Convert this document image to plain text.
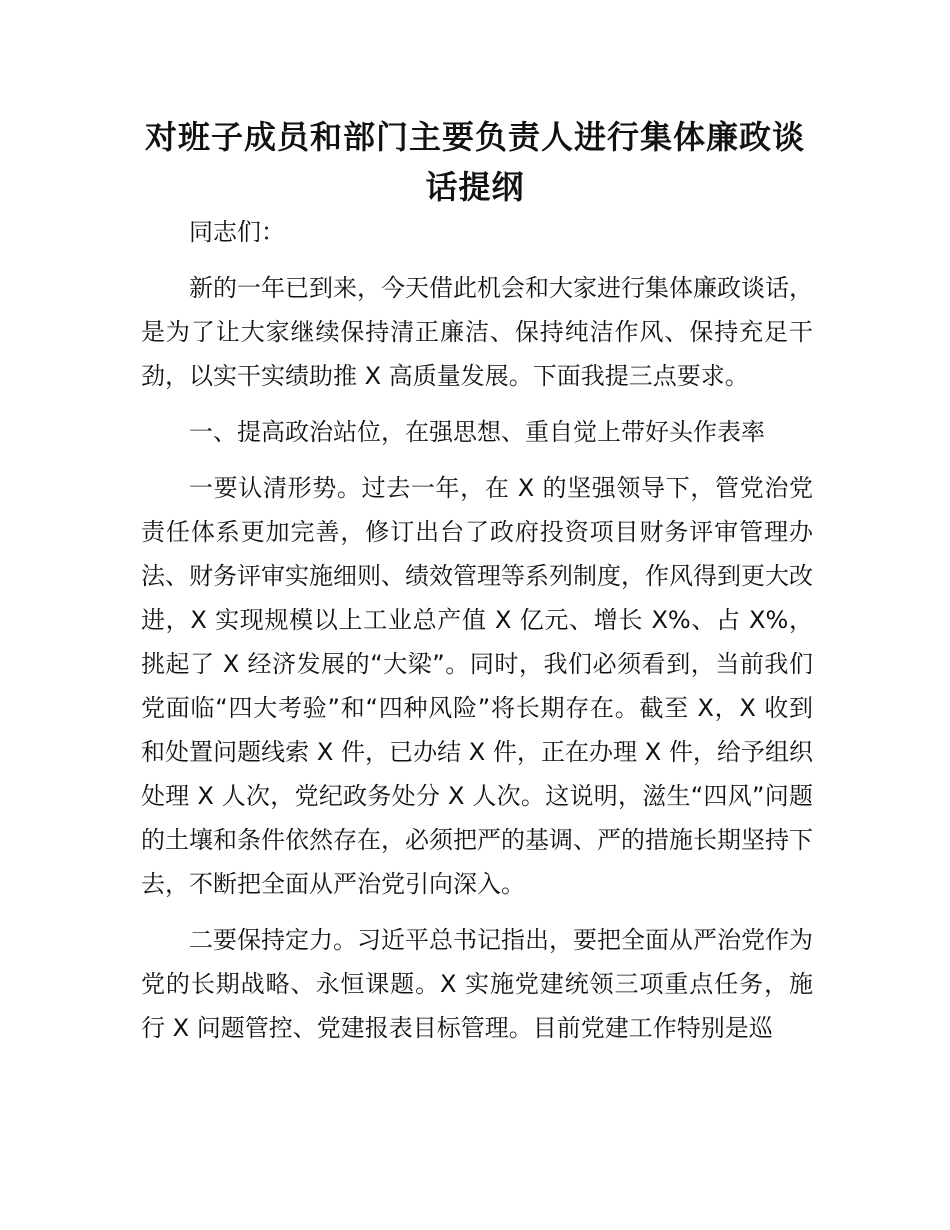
对班子成员和部门主要负责人进行集体廉政谈话提纲

同志们：

新的一年已到来，今天借此机会和大家进行集体廉政谈话，是为了让大家继续保持清正廉洁、保持纯洁作风、保持充足干劲，以实干实绩助推 X 高质量发展。下面我提三点要求。

一、提高政治站位，在强思想、重自觉上带好头作表率

一要认清形势。过去一年，在 X 的坚强领导下，管党治党责任体系更加完善，修订出台了政府投资项目财务评审管理办法、财务评审实施细则、绩效管理等系列制度，作风得到更大改进，X 实现规模以上工业总产值 X 亿元、增长 X%、占 X%，挑起了 X 经济发展的“大梁”。同时，我们必须看到，当前我们党面临“四大考验”和“四种风险”将长期存在。截至 X，X 收到和处置问题线索 X 件，已办结 X 件，正在办理 X 件，给予组织处理 X 人次，党纪政务处分 X 人次。这说明，滋生“四风”问题的土壤和条件依然存在，必须把严的基调、严的措施长期坚持下去，不断把全面从严治党引向深入。

二要保持定力。习近平总书记指出，要把全面从严治党作为党的长期战略、永恒课题。X 实施党建统领三项重点任务，施行 X 问题管控、党建报表目标管理。目前党建工作特别是巡
